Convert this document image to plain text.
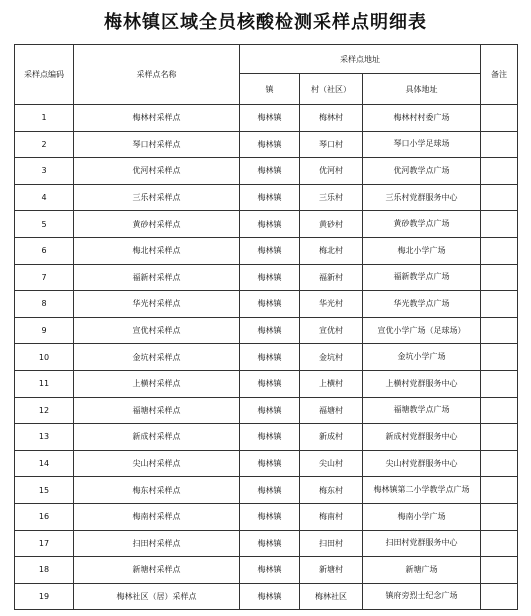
梅林镇区域全员核酸检测采样点明细表
采样点编码	采样点名称	采样点地址			备注
		镇	村（社区）	具体地址	
1	梅林村采样点	梅林镇	梅林村	梅林村村委广场	
2	琴口村采样点	梅林镇	琴口村	琴口小学足球场	
3	优河村采样点	梅林镇	优河村	优河教学点广场	
4	三乐村采样点	梅林镇	三乐村	三乐村党群服务中心	
5	黄砂村采样点	梅林镇	黄砂村	黄砂教学点广场	
6	梅北村采样点	梅林镇	梅北村	梅北小学广场	
7	福新村采样点	梅林镇	福新村	福新教学点广场	
8	华光村采样点	梅林镇	华光村	华光教学点广场	
9	宣优村采样点	梅林镇	宣优村	宣优小学广场（足球场）	
10	金坑村采样点	梅林镇	金坑村	金坑小学广场	
11	上横村采样点	梅林镇	上横村	上横村党群服务中心	
12	福塘村采样点	梅林镇	福塘村	福塘教学点广场	
13	新成村采样点	梅林镇	新成村	新成村党群服务中心	
14	尖山村采样点	梅林镇	尖山村	尖山村党群服务中心	
15	梅东村采样点	梅林镇	梅东村	梅林镇第二小学教学点广场	
16	梅南村采样点	梅林镇	梅南村	梅南小学广场	
17	扫田村采样点	梅林镇	扫田村	扫田村党群服务中心	
18	新塘村采样点	梅林镇	新塘村	新塘广场	
19	梅林社区（居）采样点	梅林镇	梅林社区	镇府旁烈士纪念广场	
